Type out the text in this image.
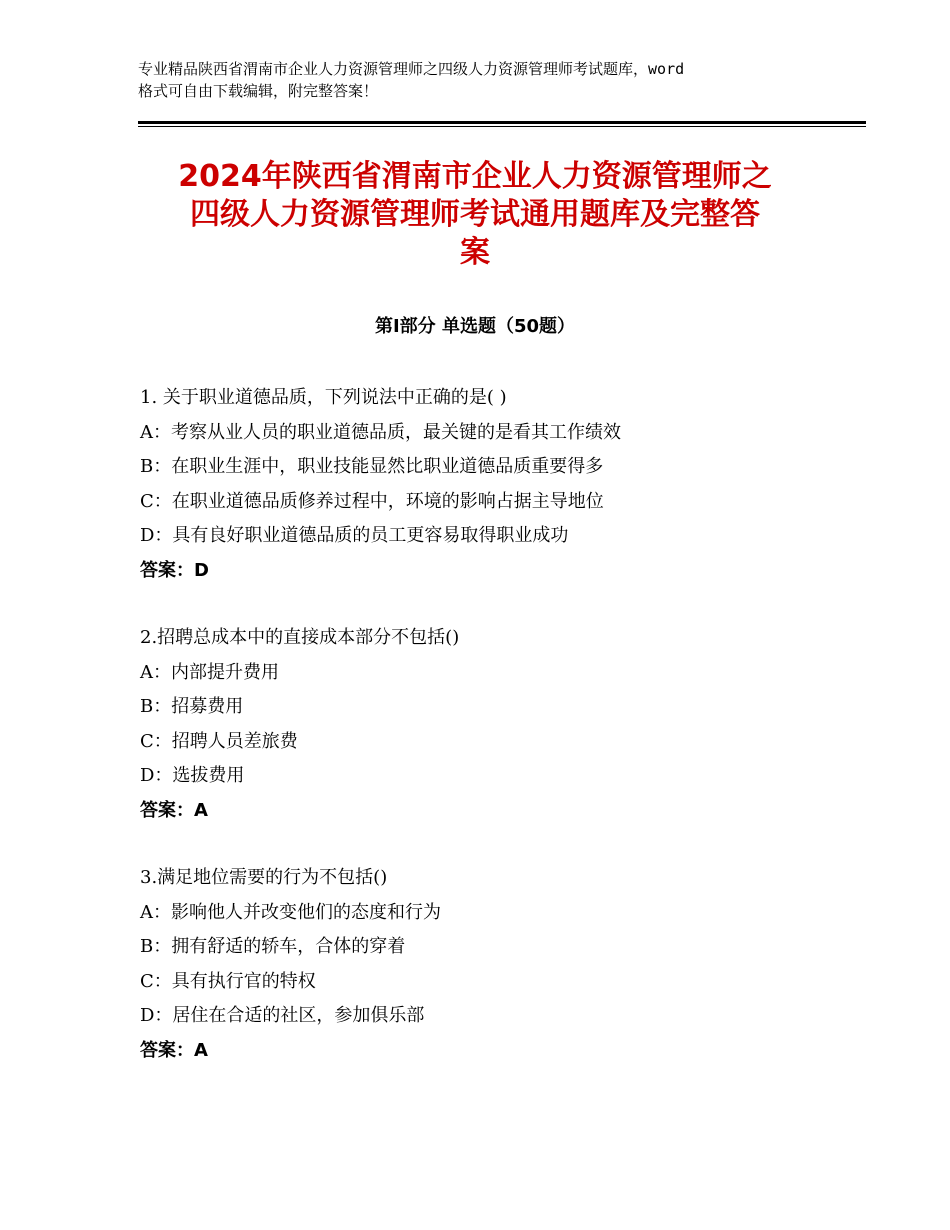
专业精品陕西省渭南市企业人力资源管理师之四级人力资源管理师考试题库，word
格式可自由下载编辑，附完整答案！
2024年陕西省渭南市企业人力资源管理师之
四级人力资源管理师考试通用题库及完整答
案
第Ⅰ部分 单选题（50题）
1. 关于职业道德品质，下列说法中正确的是( )
A：考察从业人员的职业道德品质，最关键的是看其工作绩效
B：在职业生涯中，职业技能显然比职业道德品质重要得多
C：在职业道德品质修养过程中，环境的影响占据主导地位
D：具有良好职业道德品质的员工更容易取得职业成功
答案：D
2.招聘总成本中的直接成本部分不包括()
A：内部提升费用
B：招募费用
C：招聘人员差旅费
D：选拔费用
答案：A
3.满足地位需要的行为不包括()
A：影响他人并改变他们的态度和行为
B：拥有舒适的轿车，合体的穿着
C：具有执行官的特权
D：居住在合适的社区，参加俱乐部
答案：A
